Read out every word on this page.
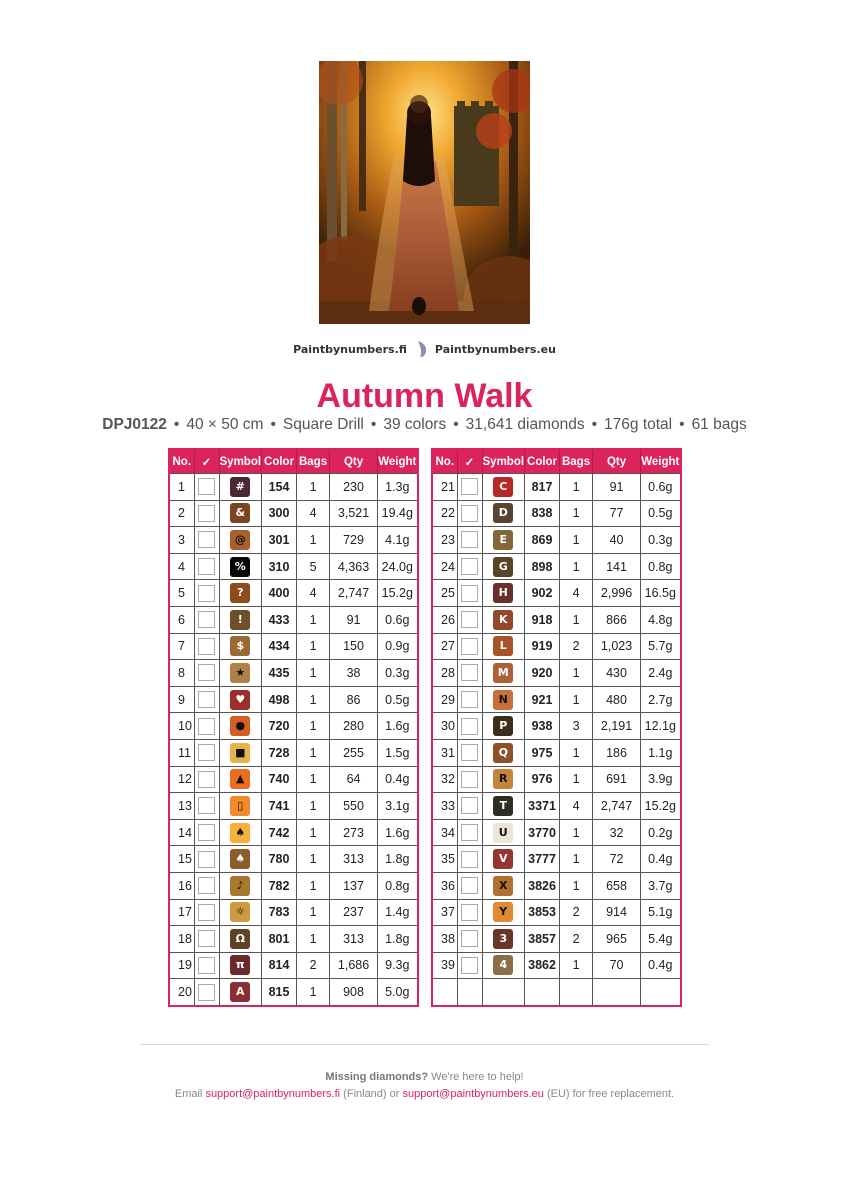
Paintbynumbers.fi	Paintbynumbers.eu
Autumn Walk
DPJ0122 • 40 × 50 cm • Square Drill • 39 colors • 31,641 diamonds • 176g total • 61 bags
No.	✓	Symbol	Color	Bags	Qty	Weight
1		#	154	1	230	1.3g
2		&	300	4	3,521	19.4g
3		@	301	1	729	4.1g
4		%	310	5	4,363	24.0g
5		?	400	4	2,747	15.2g
6		!	433	1	91	0.6g
7		$	434	1	150	0.9g
8		★	435	1	38	0.3g
9		♥	498	1	86	0.5g
10		●	720	1	280	1.6g
11		■	728	1	255	1.5g
12		▲	740	1	64	0.4g
13		▯	741	1	550	3.1g
14		♠	742	1	273	1.6g
15		♠	780	1	313	1.8g
16		♪	782	1	137	0.8g
17		☼	783	1	237	1.4g
18		Ω	801	1	313	1.8g
19		π	814	2	1,686	9.3g
20		A	815	1	908	5.0g
No.	✓	Symbol	Color	Bags	Qty	Weight
21		C	817	1	91	0.6g
22		D	838	1	77	0.5g
23		E	869	1	40	0.3g
24		G	898	1	141	0.8g
25		H	902	4	2,996	16.5g
26		K	918	1	866	4.8g
27		L	919	2	1,023	5.7g
28		M	920	1	430	2.4g
29		N	921	1	480	2.7g
30		P	938	3	2,191	12.1g
31		Q	975	1	186	1.1g
32		R	976	1	691	3.9g
33		T	3371	4	2,747	15.2g
34		U	3770	1	32	0.2g
35		V	3777	1	72	0.4g
36		X	3826	1	658	3.7g
37		Y	3853	2	914	5.1g
38		3	3857	2	965	5.4g
39		4	3862	1	70	0.4g

Missing diamonds? We're here to help!
Email support@paintbynumbers.fi (Finland) or support@paintbynumbers.eu (EU) for free replacement.
